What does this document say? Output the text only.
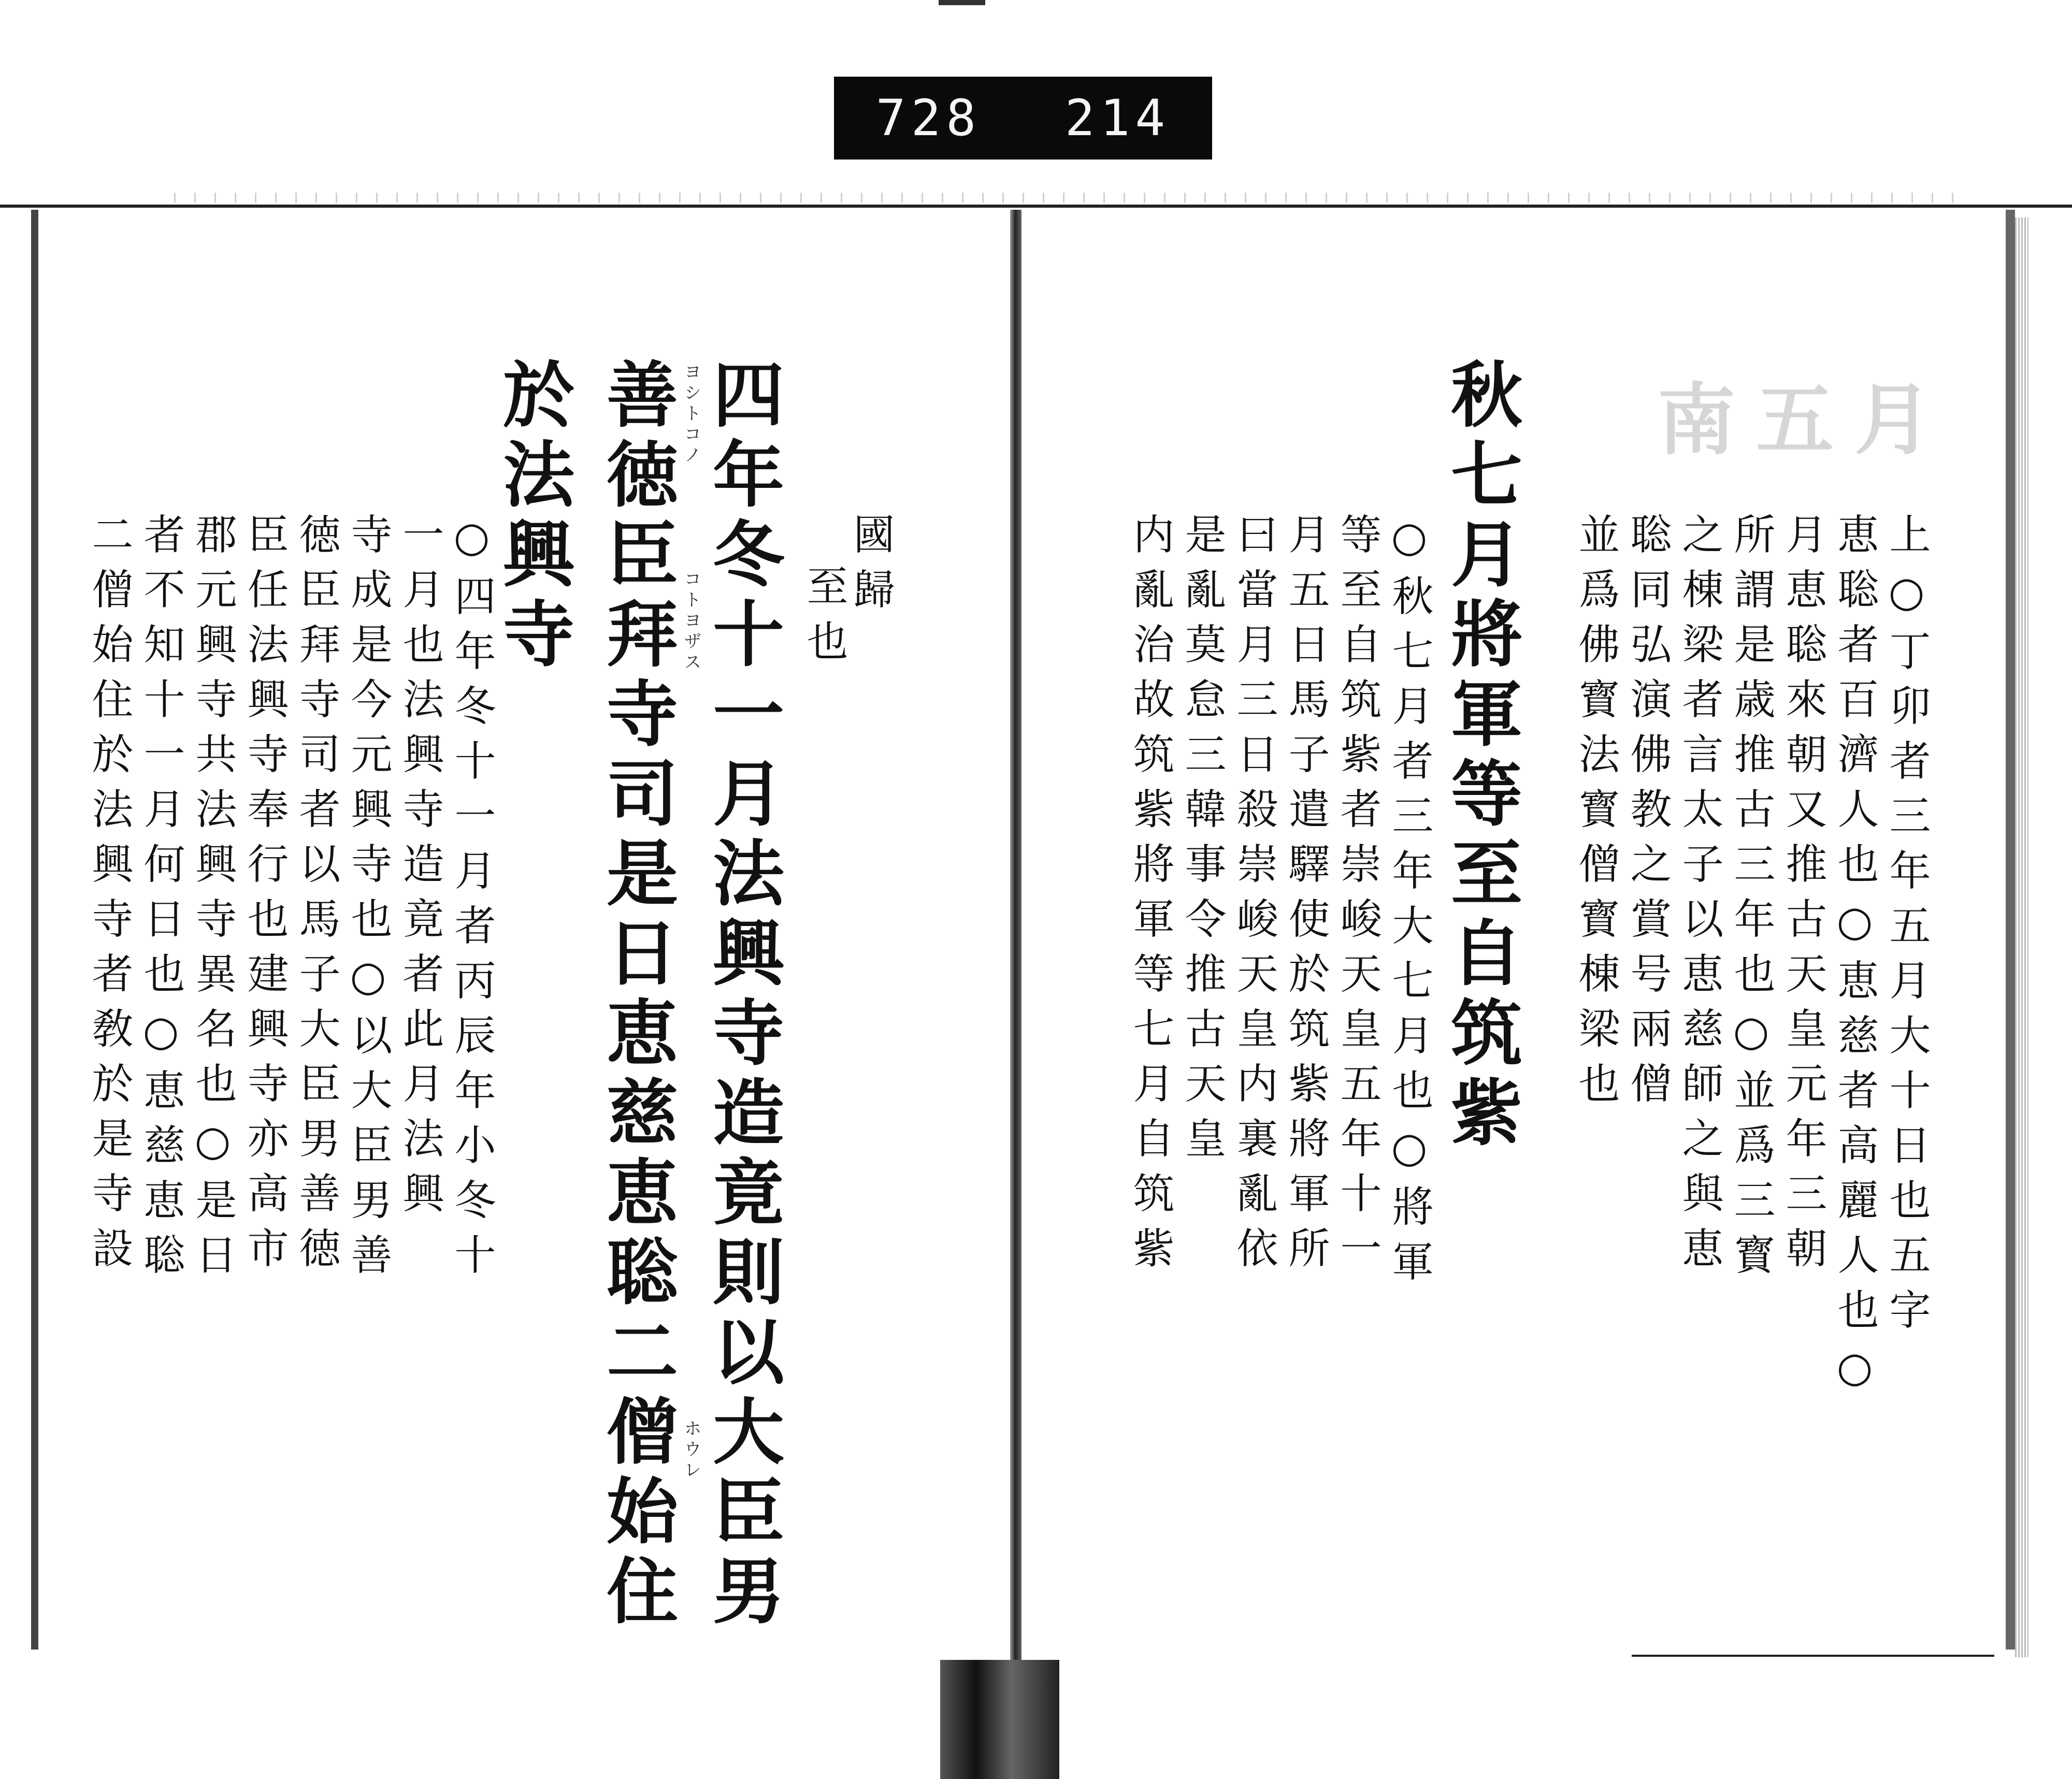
728 214
南五月
四年冬十一月法興寺造竟則以大臣男
善徳臣拜寺司是日恵慈恵聡二僧始住
於法興寺	ヨシトコノ
コトヨザス
ホウレ
國歸
至也
○四年冬十一月者丙辰年小冬十
一月也法興寺造竟者此月法興
寺成是今元興寺也○以大臣男善
徳臣拜寺司者以馬子大臣男善徳
臣任法興寺奉行也建興寺亦高市
郡元興寺共法興寺異名也○是日
者不知十一月何日也○恵慈恵聡
二僧始住於法興寺者敎於是寺設	上○丁卯者三年五月大十日也五字
恵聡者百濟人也○恵慈者高麗人也○
月恵聡來朝又推古天皇元年三朝
所謂是歳推古三年也○並爲三寳
之棟梁者言太子以恵慈師之與恵
聡同弘演佛教之賞号兩僧
並爲佛寳法寳僧寳棟梁也
秋七月將軍等至自筑紫
○秋七月者三年大七月也○將軍
等至自筑紫者崇峻天皇五年十一
月五日馬子遣驛使於筑紫將軍所
曰當月三日殺崇峻天皇内裏亂依
是亂莫怠三韓事令推古天皇
内亂治故筑紫將軍等七月自筑紫
